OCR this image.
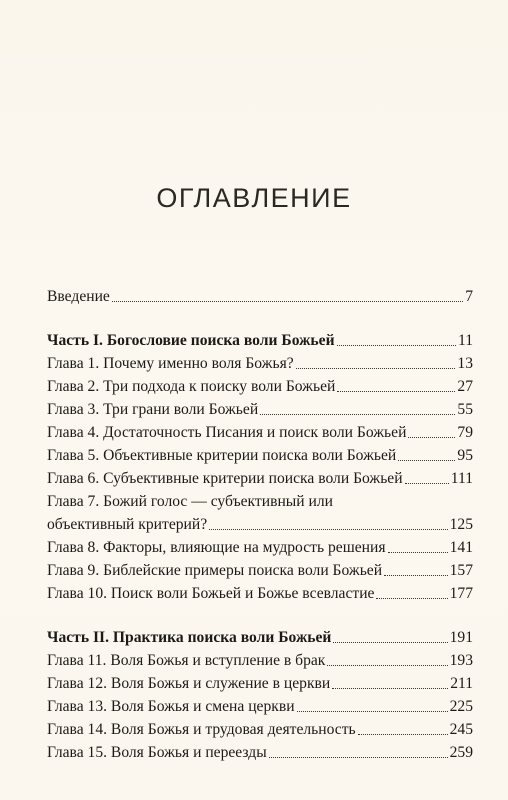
ОГЛАВЛЕНИЕ
Введение	7
Часть I. Богословие поиска воли Божьей	11
Глава 1. Почему именно воля Божья?	13
Глава 2. Три подхода к поиску воли Божьей	27
Глава 3. Три грани воли Божьей	55
Глава 4. Достаточность Писания и поиск воли Божьей	79
Глава 5. Объективные критерии поиска воли Божьей	95
Глава 6. Субъективные критерии поиска воли Божьей	111
Глава 7. Божий голос — субъективный или
объективный критерий?	125
Глава 8. Факторы, влияющие на мудрость решения	141
Глава 9. Библейские примеры поиска воли Божьей	157
Глава 10. Поиск воли Божьей и Божье всевластие	177
Часть II. Практика поиска воли Божьей	191
Глава 11. Воля Божья и вступление в брак	193
Глава 12. Воля Божья и служение в церкви	211
Глава 13. Воля Божья и смена церкви	225
Глава 14. Воля Божья и трудовая деятельность	245
Глава 15. Воля Божья и переезды	259
